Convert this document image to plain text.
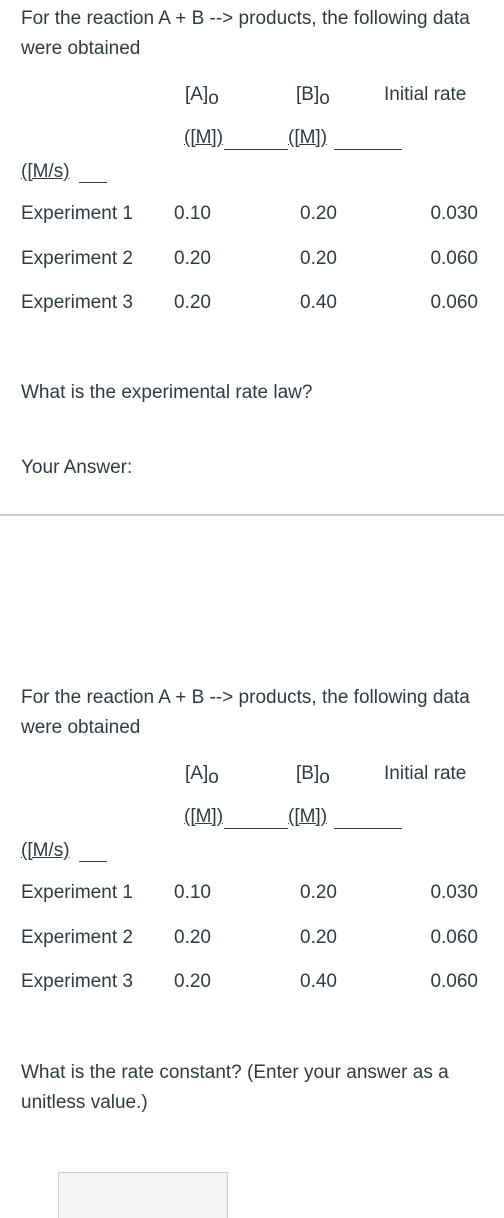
For the reaction A + B --> products, the following data were obtained
$[A]_o$	$[B]_o$	Initial rate
([M])	([M])
([M/s)
Experiment 1 0.10	0.20	0.030
Experiment 2 0.20	0.20	0.060
Experiment 3 0.20	0.40	0.060
What is the experimental rate law?
Your Answer:
For the reaction A + B --> products, the following data were obtained
$[A]_o$	$[B]_o$	Initial rate
([M])	([M])
([M/s)
Experiment 1 0.10	0.20	0.030
Experiment 2 0.20	0.20	0.060
Experiment 3 0.20	0.40	0.060
What is the rate constant? (Enter your answer as a unitless value.)
